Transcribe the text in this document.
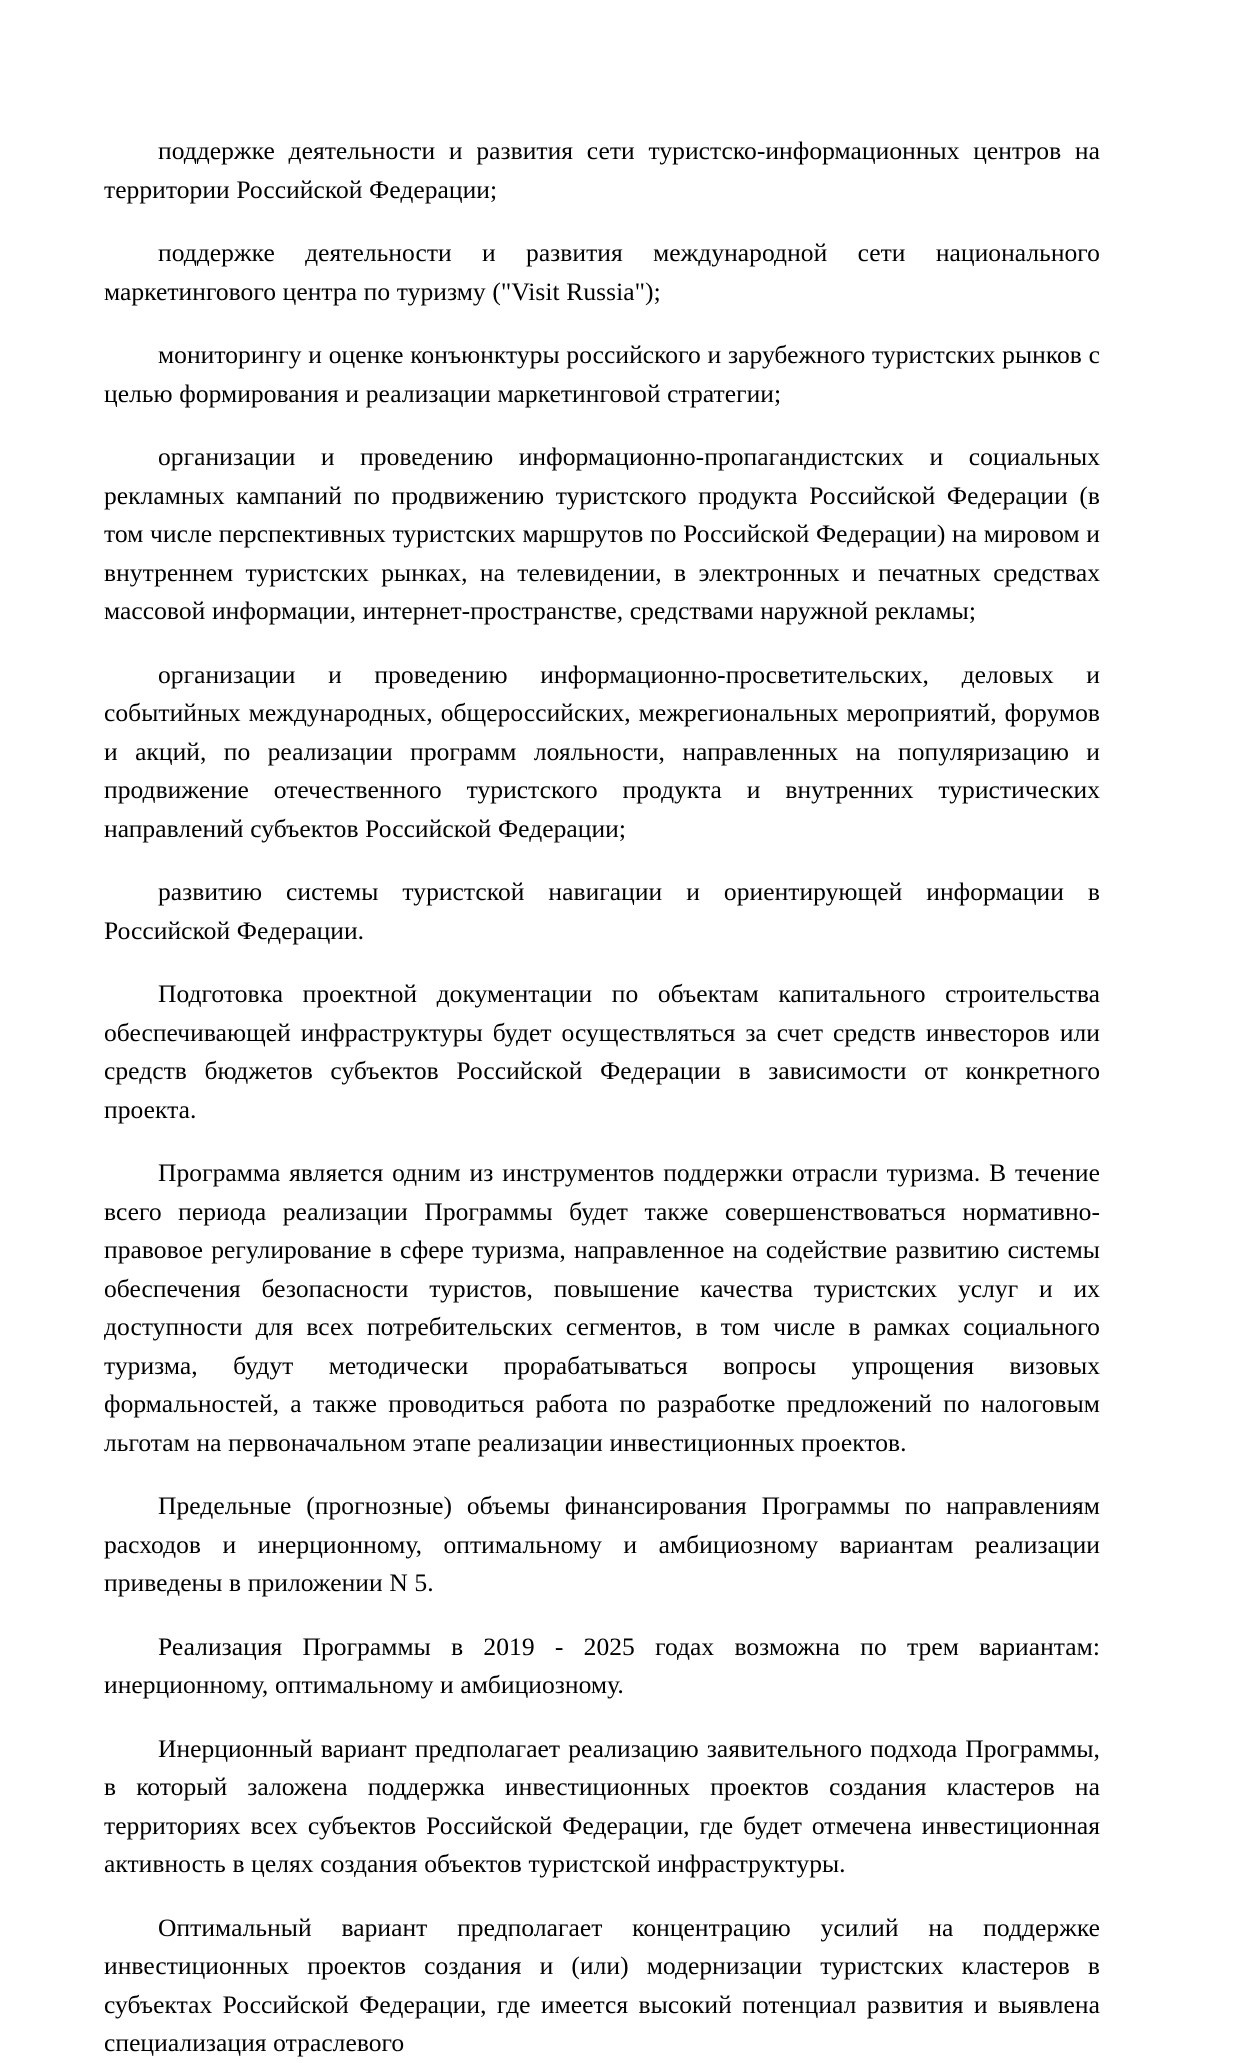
поддержке деятельности и развития сети туристско-информационных центров на территории Российской Федерации;

поддержке деятельности и развития международной сети национального маркетингового центра по туризму ("Visit Russia");

мониторингу и оценке конъюнктуры российского и зарубежного туристских рынков с целью формирования и реализации маркетинговой стратегии;

организации и проведению информационно-пропагандистских и социальных рекламных кампаний по продвижению туристского продукта Российской Федерации (в том числе перспективных туристских маршрутов по Российской Федерации) на мировом и внутреннем туристских рынках, на телевидении, в электронных и печатных средствах массовой информации, интернет-пространстве, средствами наружной рекламы;

организации и проведению информационно-просветительских, деловых и событийных международных, общероссийских, межрегиональных мероприятий, форумов и акций, по реализации программ лояльности, направленных на популяризацию и продвижение отечественного туристского продукта и внутренних туристических направлений субъектов Российской Федерации;

развитию системы туристской навигации и ориентирующей информации в Российской Федерации.

Подготовка проектной документации по объектам капитального строительства обеспечивающей инфраструктуры будет осуществляться за счет средств инвесторов или средств бюджетов субъектов Российской Федерации в зависимости от конкретного проекта.

Программа является одним из инструментов поддержки отрасли туризма. В течение всего периода реализации Программы будет также совершенствоваться нормативно-правовое регулирование в сфере туризма, направленное на содействие развитию системы обеспечения безопасности туристов, повышение качества туристских услуг и их доступности для всех потребительских сегментов, в том числе в рамках социального туризма, будут методически прорабатываться вопросы упрощения визовых формальностей, а также проводиться работа по разработке предложений по налоговым льготам на первоначальном этапе реализации инвестиционных проектов.

Предельные (прогнозные) объемы финансирования Программы по направлениям расходов и инерционному, оптимальному и амбициозному вариантам реализации приведены в приложении N 5.

Реализация Программы в 2019 - 2025 годах возможна по трем вариантам: инерционному, оптимальному и амбициозному.

Инерционный вариант предполагает реализацию заявительного подхода Программы, в который заложена поддержка инвестиционных проектов создания кластеров на территориях всех субъектов Российской Федерации, где будет отмечена инвестиционная активность в целях создания объектов туристской инфраструктуры.

Оптимальный вариант предполагает концентрацию усилий на поддержке инвестиционных проектов создания и (или) модернизации туристских кластеров в субъектах Российской Федерации, где имеется высокий потенциал развития и выявлена специализация отраслевого
